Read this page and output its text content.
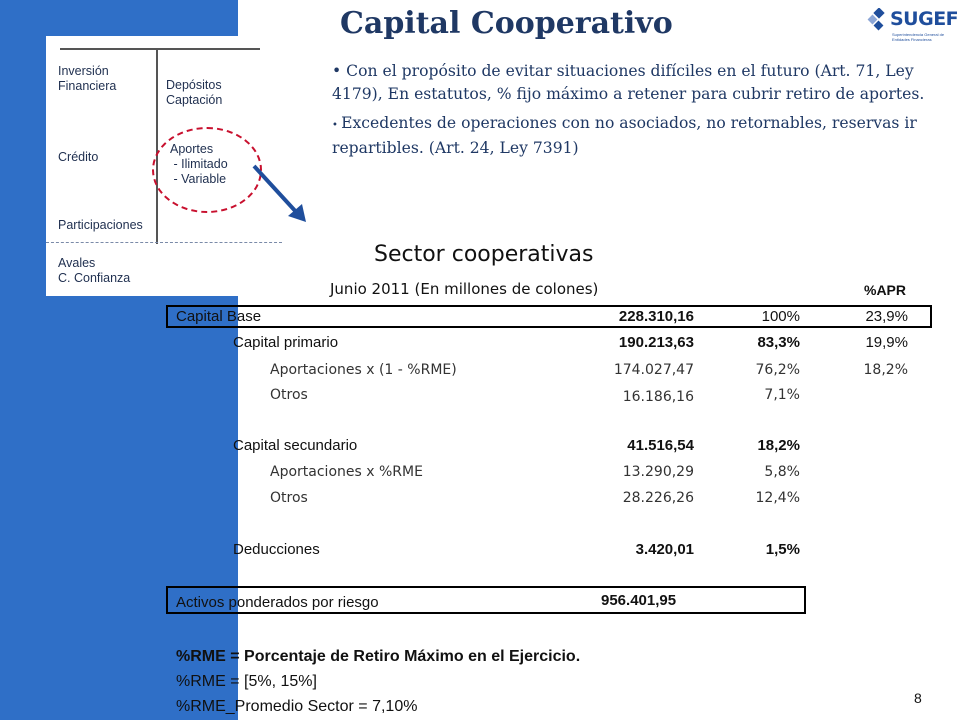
Capital Cooperativo	SUGEF
Superintendencia General de Entidades Financieras
Inversión
Financiera
Crédito
Participaciones
Avales
C. Confianza
Depósitos
Captación
Aportes
- Ilimitado
- Variable

• Con el propósito de evitar situaciones difíciles en el futuro (Art. 71, Ley 4179), En estatutos, % fijo máximo a retener para cubrir retiro de aportes.

• Excedentes de operaciones con no asociados, no retornables, reservas ir repartibles. (Art. 24, Ley 7391)

Sector cooperativas
Junio 2011 (En millones de colones)	%APR
Capital Base	228.310,16	100%	23,9%
Capital primario	190.213,63	83,3%	19,9%
Aportaciones x (1 - %RME)	174.027,47	76,2%	18,2%
Otros	16.186,16	7,1%
Capital secundario	41.516,54	18,2%
Aportaciones x %RME	13.290,29	5,8%
Otros	28.226,26	12,4%
Deducciones	3.420,01	1,5%
Activos ponderados por riesgo	956.401,95
%RME = Porcentaje de Retiro Máximo en el Ejercicio.
%RME = [5%, 15%]
%RME_Promedio Sector = 7,10%	8
